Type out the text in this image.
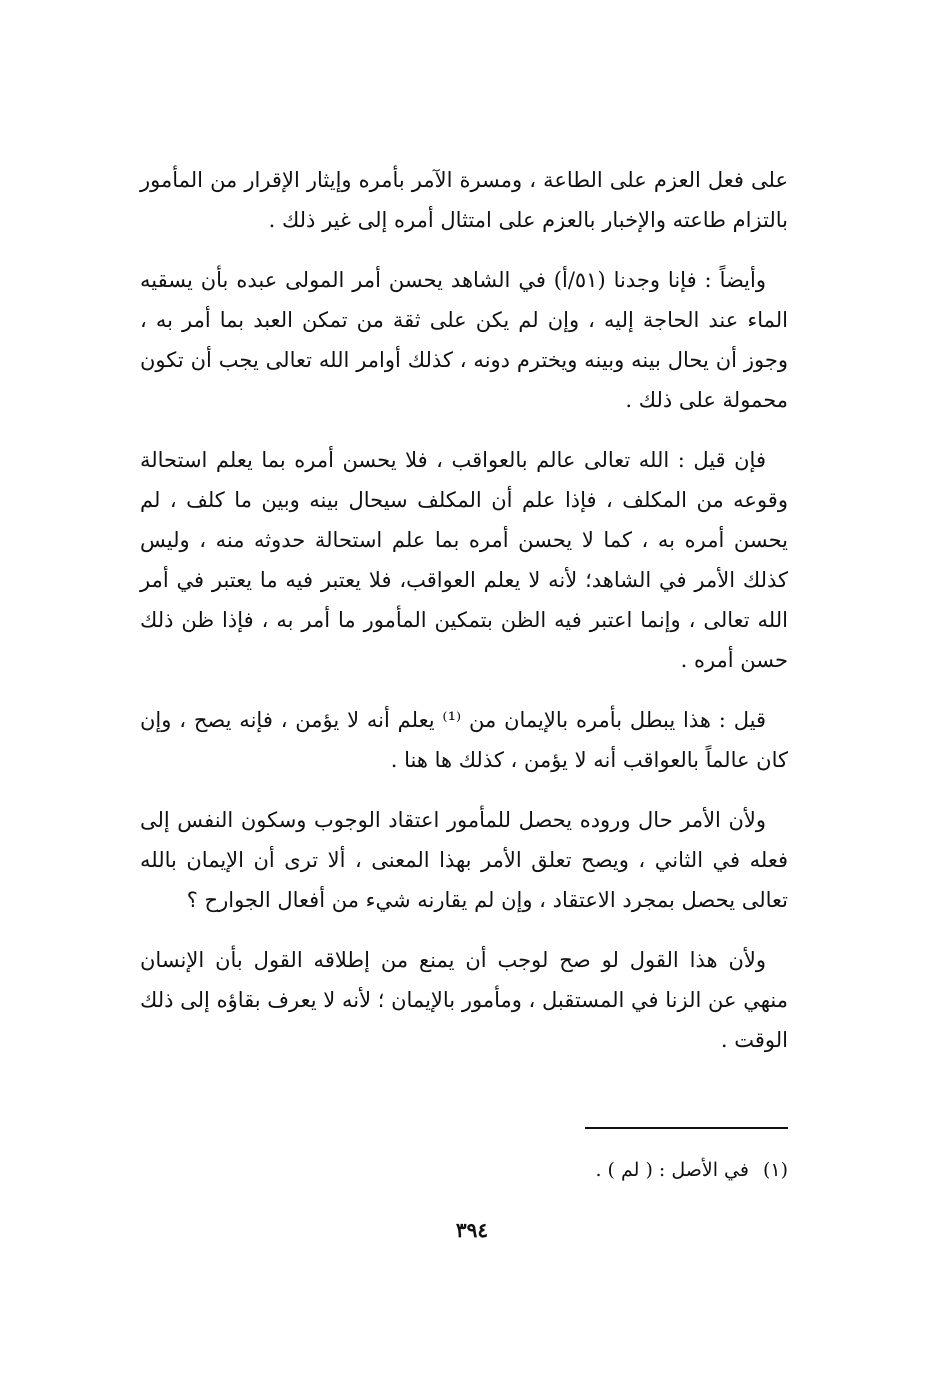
على فعل العزم على الطاعة ، ومسرة الآمر بأمره وإيثار الإقرار من المأمور بالتزام طاعته والإخبار بالعزم على امتثال أمره إلى غير ذلك .

وأيضاً : فإنا وجدنا (٥١/أ) في الشاهد يحسن أمر المولى عبده بأن يسقيه الماء عند الحاجة إليه ، وإن لم يكن على ثقة من تمكن العبد بما أمر به ، وجوز أن يحال بينه وبينه ويخترم دونه ، كذلك أوامر الله تعالى يجب أن تكون محمولة على ذلك .

فإن قيل : الله تعالى عالم بالعواقب ، فلا يحسن أمره بما يعلم استحالة وقوعه من المكلف ، فإذا علم أن المكلف سيحال بينه وبين ما كلف ، لم يحسن أمره به ، كما لا يحسن أمره بما علم استحالة حدوثه منه ، وليس كذلك الأمر في الشاهد؛ لأنه لا يعلم العواقب، فلا يعتبر فيه ما يعتبر في أمر الله تعالى ، وإنما اعتبر فيه الظن بتمكين المأمور ما أمر به ، فإذا ظن ذلك حسن أمره .

قيل : هذا يبطل بأمره بالإيمان من ⁽¹⁾ يعلم أنه لا يؤمن ، فإنه يصح ، وإن كان عالماً بالعواقب أنه لا يؤمن ، كذلك ها هنا .

ولأن الأمر حال وروده يحصل للمأمور اعتقاد الوجوب وسكون النفس إلى فعله في الثاني ، ويصح تعلق الأمر بهذا المعنى ، ألا ترى أن الإيمان بالله تعالى يحصل بمجرد الاعتقاد ، وإن لم يقارنه شيء من أفعال الجوارح ؟

ولأن هذا القول لو صح لوجب أن يمنع من إطلاقه القول بأن الإنسان منهي عن الزنا في المستقبل ، ومأمور بالإيمان ؛ لأنه لا يعرف بقاؤه إلى ذلك الوقت .

(١)في الأصل : ( لم ) .
٣٩٤
